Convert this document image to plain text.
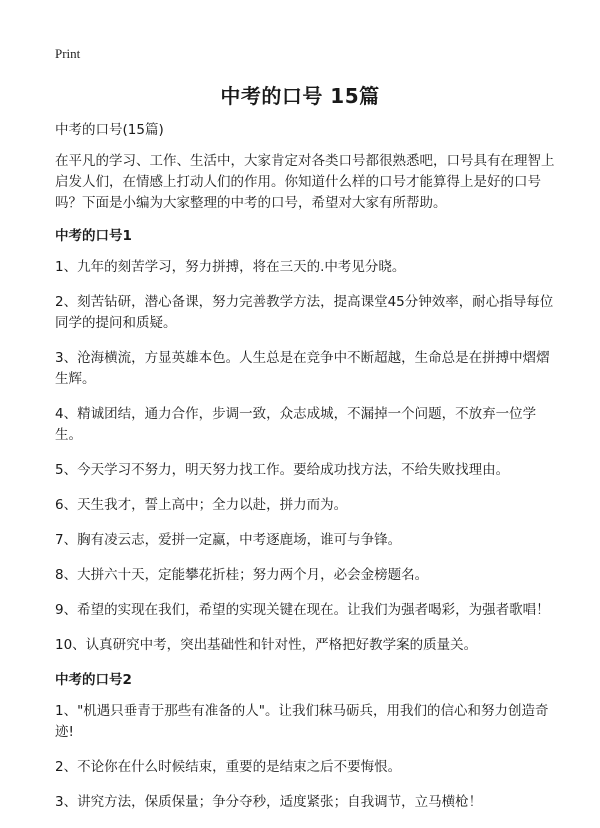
Print
中考的口号 15篇

中考的口号(15篇)

在平凡的学习、工作、生活中，大家肯定对各类口号都很熟悉吧，口号具有在理智上启发人们，在情感上打动人们的作用。你知道什么样的口号才能算得上是好的口号吗？下面是小编为大家整理的中考的口号，希望对大家有所帮助。

中考的口号1

1、九年的刻苦学习，努力拼搏，将在三天的.中考见分晓。

2、刻苦钻研，潜心备课，努力完善教学方法，提高课堂45分钟效率，耐心指导每位同学的提问和质疑。

3、沧海横流，方显英雄本色。人生总是在竞争中不断超越，生命总是在拼搏中熠熠生辉。

4、精诚团结，通力合作，步调一致，众志成城，不漏掉一个问题，不放弃一位学生。

5、今天学习不努力，明天努力找工作。要给成功找方法，不给失败找理由。

6、天生我才，誓上高中；全力以赴，拼力而为。

7、胸有凌云志，爱拼一定赢，中考逐鹿场，谁可与争锋。

8、大拼六十天，定能攀花折桂；努力两个月，必会金榜题名。

9、希望的实现在我们，希望的实现关键在现在。让我们为强者喝彩，为强者歌唱！

10、认真研究中考，突出基础性和针对性，严格把好教学案的质量关。

中考的口号2

1、"机遇只垂青于那些有准备的人"。让我们秣马砺兵，用我们的信心和努力创造奇迹!

2、不论你在什么时候结束，重要的是结束之后不要悔恨。

3、讲究方法，保质保量；争分夺秒，适度紧张；自我调节，立马横枪！
